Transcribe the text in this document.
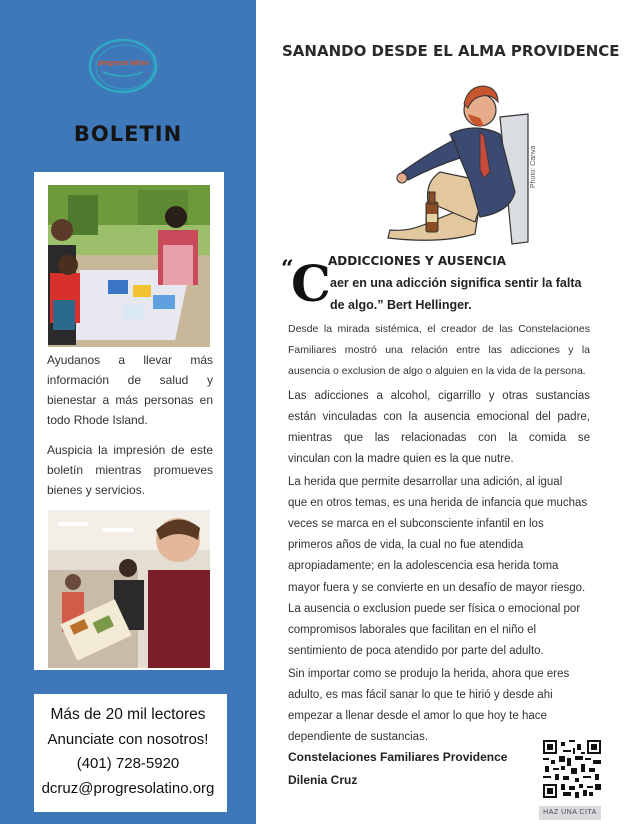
progreso latino
BOLETIN
Ayudanos a llevar más
información de salud y
bienestar a más personas en
todo Rhode Island.
Auspicia la impresión de este
boletín mientras promueves
bienes y servicios.
Más de 20 mil lectores
Anunciate con nosotros!
(401) 728-5920
dcruz@progresolatino.org
SANANDO DESDE EL ALMA PROVIDENCE
Photo: Canva
ADDICCIONES Y AUSENCIA
“
C aer en una adicción significa sentir la falta
de algo.” Bert Hellinger.
Desde la mirada sistémica, el creador de las Constelaciones
Familiares mostró una relación entre las adicciones y la
ausencia o exclusion de algo o alguien en la vida de la persona.
Las adicciones a alcohol, cigarrillo y otras sustancias
están vinculadas con la ausencia emocional del padre,
mientras que las relacionadas con la comida se
vinculan con la madre quien es la que nutre.
La herida que permite desarrollar una adición, al igual
que en otros temas, es una herida de infancia que muchas
veces se marca en el subconsciente infantil en los
primeros años de vida, la cual no fue atendida
apropiadamente; en la adolescencia esa herida toma
mayor fuera y se convierte en un desafío de mayor riesgo.
La ausencia o exclusion puede ser física o emocional por
compromisos laborales que facilitan en el niño el
sentimiento de poca atendido por parte del adulto.
Sin importar como se produjo la herida, ahora que eres
adulto, es mas fácil sanar lo que te hirió y desde ahi
empezar a llenar desde el amor lo que hoy te hace
dependiente de sustancias.
Constelaciones Familiares Providence
Dilenia Cruz
HAZ UNA CITA
